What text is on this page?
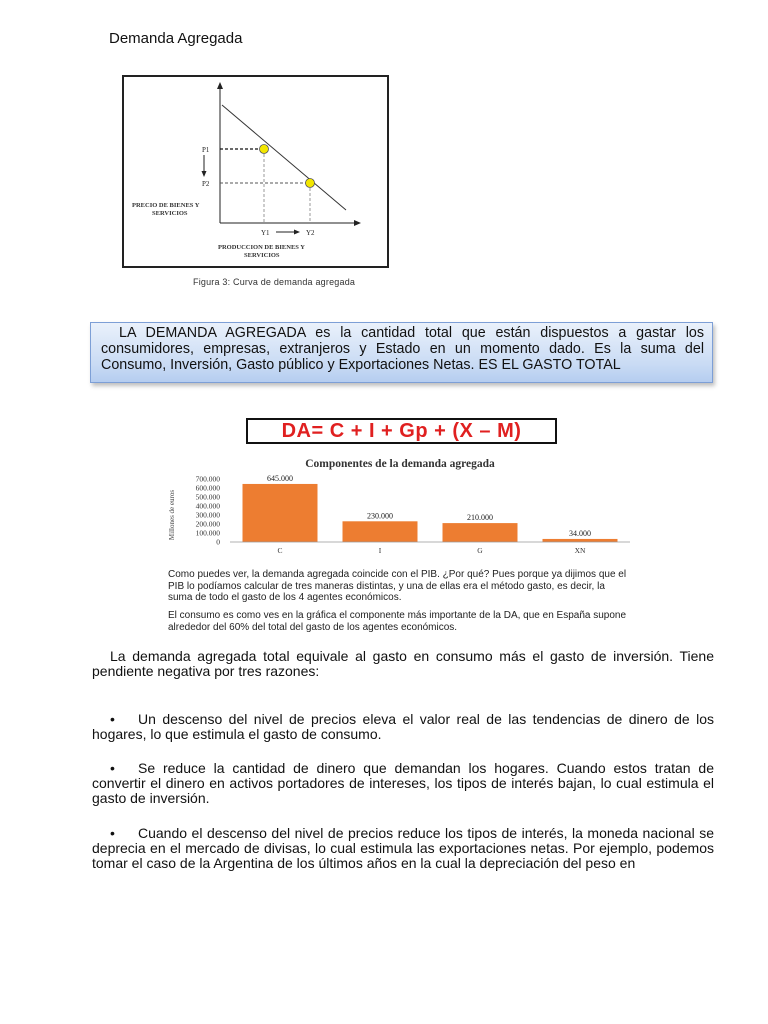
Demanda Agregada
P1
P2
Y1	Y2
PRECIO DE BIENES Y
SERVICIOS
PRODUCCION DE BIENES Y
SERVICIOS
Figura 3: Curva de demanda agregada
LA DEMANDA AGREGADA es la cantidad total que están dispuestos a gastar los consumidores, empresas, extranjeros y Estado en un momento dado. Es la suma del Consumo, Inversión, Gasto público y Exportaciones Netas. ES EL GASTO TOTAL
DA= C + I + Gp + (X – M)
Componentes de la demanda agregada
Millones de euros
0
100.000
200.000
300.000
400.000
500.000
600.000
700.000
C	I	G	XN
645.000
230.000	210.000
34.000
Como puedes ver, la demanda agregada coincide con el PIB. ¿Por qué? Pues porque ya dijimos que el PIB lo podíamos calcular de tres maneras distintas, y una de ellas era el método gasto, es decir, la suma de todo el gasto de los 4 agentes económicos.
El consumo es como ves en la gráfica el componente más importante de la DA, que en España supone alrededor del 60% del total del gasto de los agentes económicos.
La demanda agregada total equivale al gasto en consumo más el gasto de inversión. Tiene pendiente negativa por tres razones:
• Un descenso del nivel de precios eleva el valor real de las tendencias de dinero de los hogares, lo que estimula el gasto de consumo.
• Se reduce la cantidad de dinero que demandan los hogares. Cuando estos tratan de convertir el dinero en activos portadores de intereses, los tipos de interés bajan, lo cual estimula el gasto de inversión.
• Cuando el descenso del nivel de precios reduce los tipos de interés, la moneda nacional se deprecia en el mercado de divisas, lo cual estimula las exportaciones netas. Por ejemplo, podemos tomar el caso de la Argentina de los últimos años en la cual la depreciación del peso en
